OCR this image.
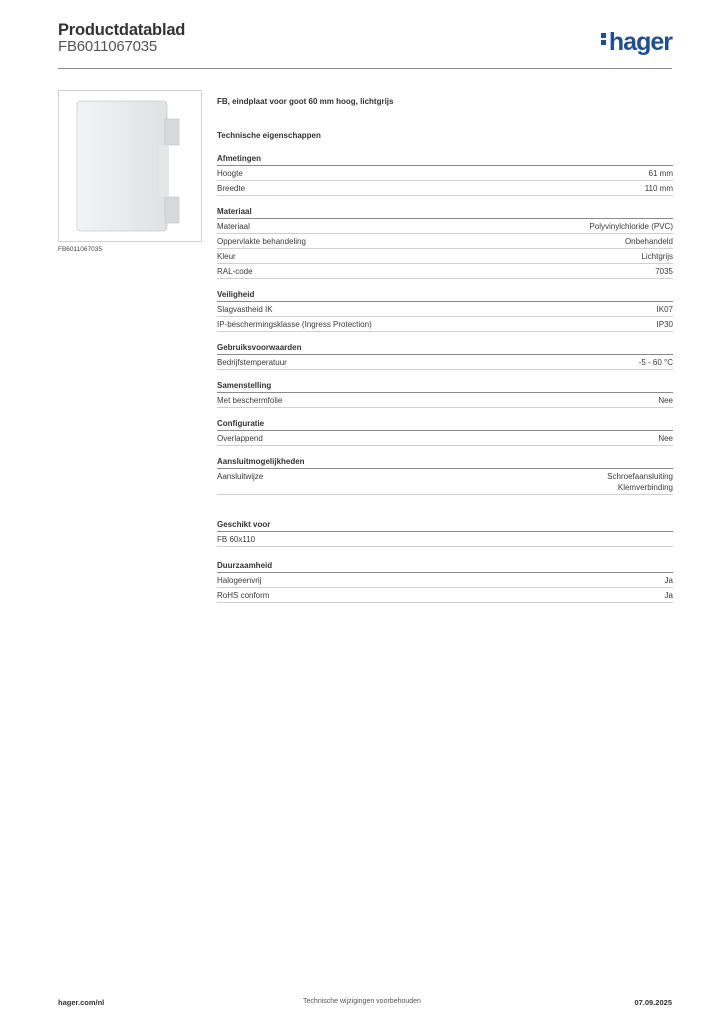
Productdatablad
FB6011067035	hager
FB6011067035
FB, eindplaat voor goot 60 mm hoog, lichtgrijs
Technische eigenschappen
Afmetingen
Hoogte	61 mm
Breedte	110 mm
Materiaal
Materiaal	Polyvinylchloride (PVC)
Oppervlakte behandeling	Onbehandeld
Kleur	Lichtgrijs
RAL-code	7035
Veiligheid
Slagvastheid IK	IK07
IP-beschermingsklasse (Ingress Protection)	IP30
Gebruiksvoorwaarden
Bedrijfstemperatuur	-5 - 60 °C
Samenstelling
Met beschermfolie	Nee
Configuratie
Overlappend	Nee
Aansluitmogelijkheden
Aansluitwijze	Schroefaansluiting
Klemverbinding
Geschikt voor
FB 60x110
Duurzaamheid
Halogeenvrij	Ja
RoHS conform	Ja
hager.com/nl	Technische wijzigingen voorbehouden	07.09.2025
